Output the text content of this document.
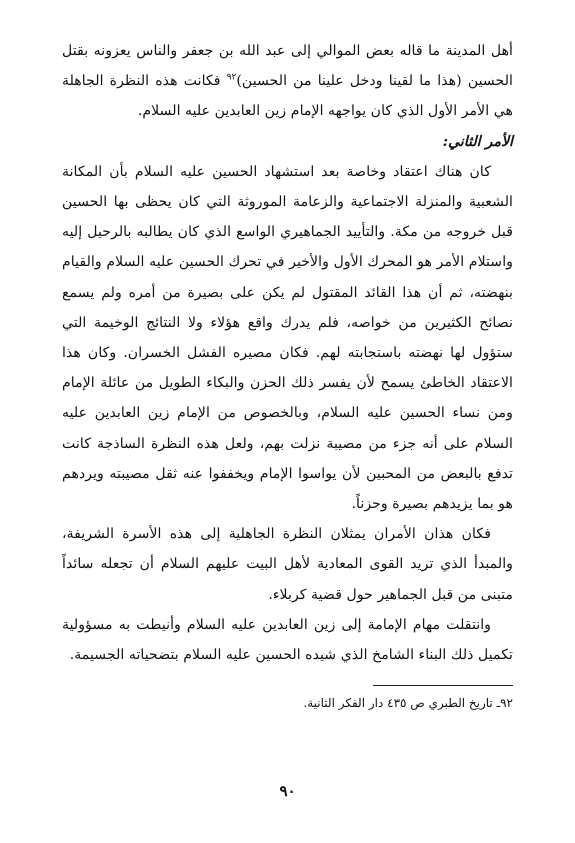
أهل المدينة ما قاله بعض الموالي إلى عبد الله بن جعفر والناس يعزونه بقتل الحسين (هذا ما لقينا ودخل علينا من الحسين)$^{٩٢}$ فكانت هذه النظرة الجاهلة هي الأمر الأول الذي كان يواجهه الإمام زين العابدين عليه السلام.

الأمر الثاني:

كان هناك اعتقاد وخاصة بعد استشهاد الحسين عليه السلام بأن المكانة الشعبية والمنزلة الاجتماعية والزعامة الموروثة التي كان يحظى بها الحسين قبل خروجه من مكة. والتأييد الجماهيري الواسع الذي كان يطالبه بالرحيل إليه واستلام الأمر هو المحرك الأول والأخير في تحرك الحسين عليه السلام والقيام بنهضته، ثم أن هذا القائد المقتول لم يكن على بصيرة من أمره ولم يسمع نصائح الكثيرين من خواصه، فلم يدرك واقع هؤلاء ولا النتائج الوخيمة التي ستؤول لها نهضته باستجابته لهم. فكان مصيره الفشل الخسران. وكان هذا الاعتقاد الخاطئ يسمح لأن يفسر ذلك الحزن والبكاء الطويل من عائلة الإمام ومن نساء الحسين عليه السلام، وبالخصوص من الإمام زين العابدين عليه السلام على أنه جزء من مصيبة نزلت بهم، ولعل هذه النظرة الساذجة كانت تدفع بالبعض من المحبين لأن يواسوا الإمام ويخففوا عنه ثقل مصيبته ويردهم هو بما يزيدهم بصيرة وحزناً.

فكان هذان الأمران يمثلان النظرة الجاهلية إلى هذه الأسرة الشريفة، والمبدأ الذي تريد القوى المعادية لأهل البيت عليهم السلام أن تجعله سائداً متبنى من قبل الجماهير حول قضية كربلاء.

وانتقلت مهام الإمامة إلى زين العابدين عليه السلام وأنيطت به مسؤولية تكميل ذلك البناء الشامخ الذي شيده الحسين عليه السلام بتضحياته الجسيمة.

٩٢ـ تاريخ الطبري ص ٤٣٥ دار الفكر الثانية.
٩٠
